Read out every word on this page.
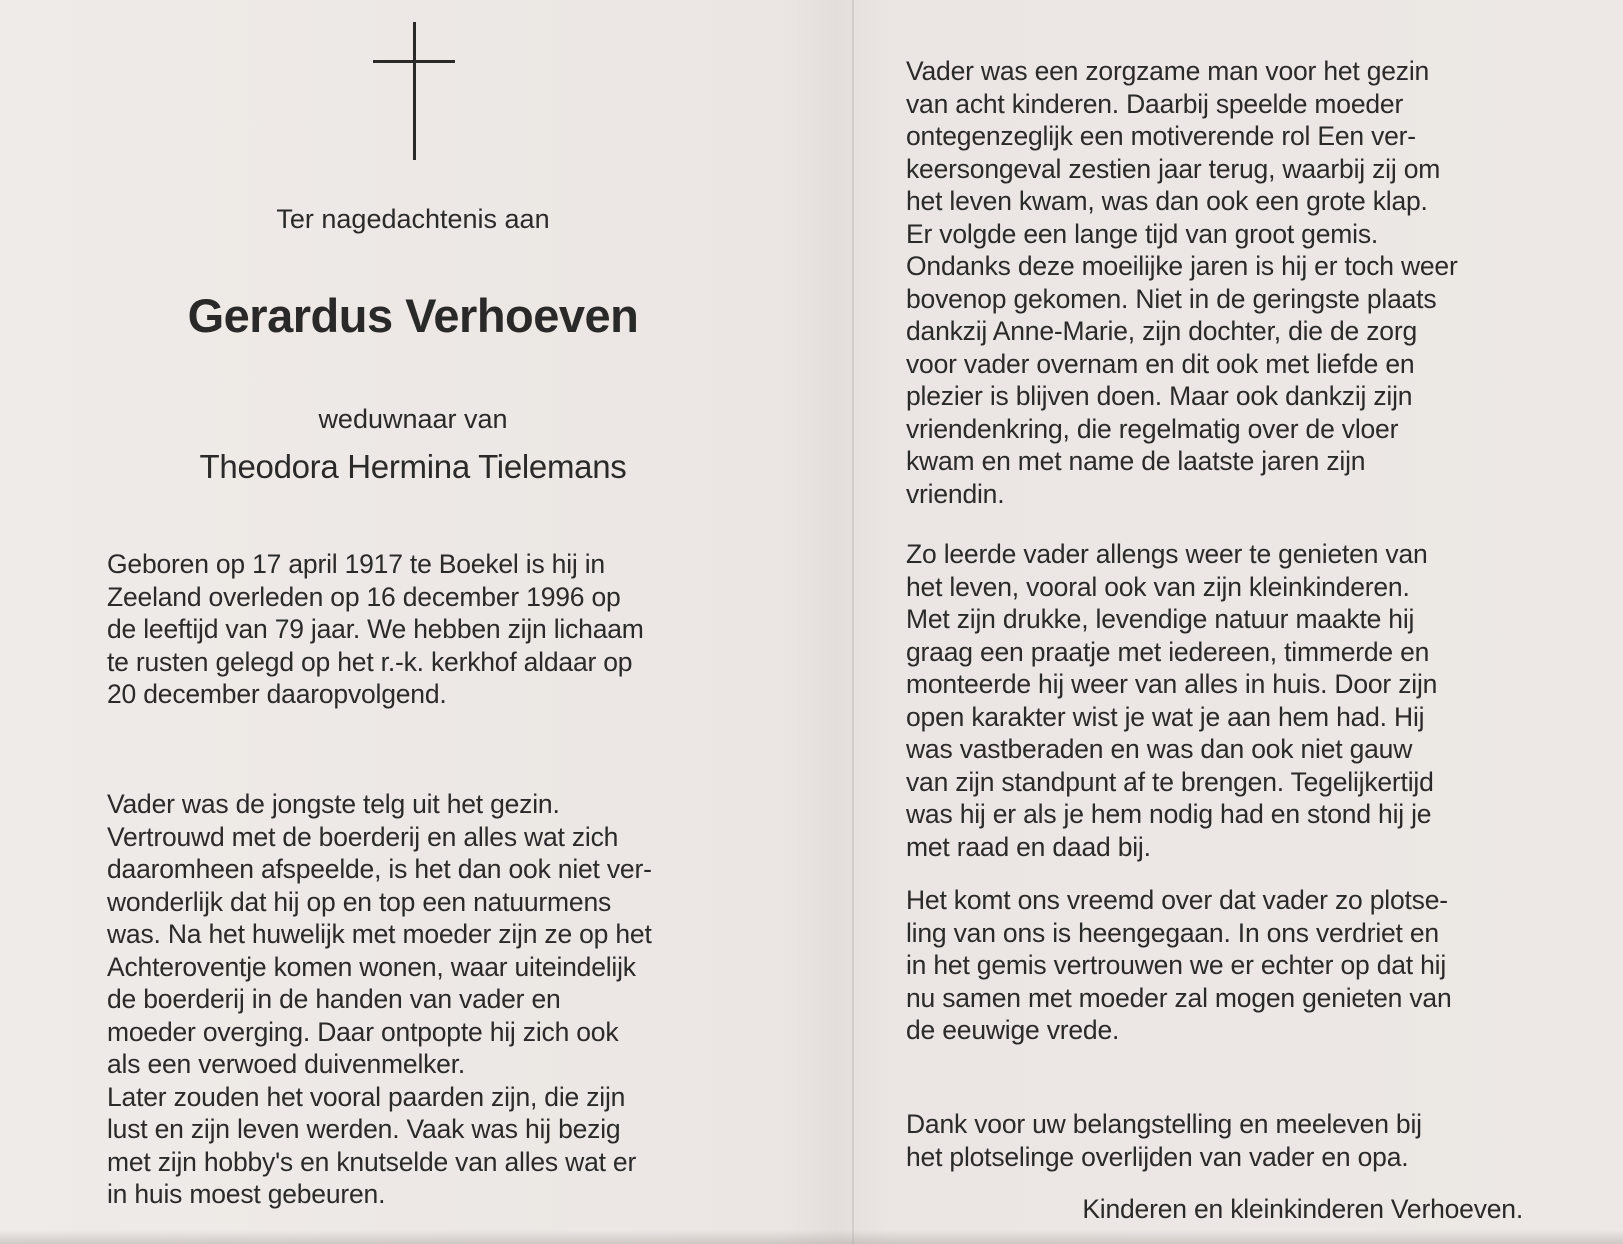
Ter nagedachtenis aan
Gerardus Verhoeven
weduwnaar van
Theodora Hermina Tielemans
Geboren op 17 april 1917 te Boekel is hij in
Zeeland overleden op 16 december 1996 op
de leeftijd van 79 jaar. We hebben zijn lichaam
te rusten gelegd op het r.-k. kerkhof aldaar op
20 december daaropvolgend.
Vader was de jongste telg uit het gezin.
Vertrouwd met de boerderij en alles wat zich
daaromheen afspeelde, is het dan ook niet ver-
wonderlijk dat hij op en top een natuurmens
was. Na het huwelijk met moeder zijn ze op het
Achteroventje komen wonen, waar uiteindelijk
de boerderij in de handen van vader en
moeder overging. Daar ontpopte hij zich ook
als een verwoed duivenmelker.
Later zouden het vooral paarden zijn, die zijn
lust en zijn leven werden. Vaak was hij bezig
met zijn hobby's en knutselde van alles wat er
in huis moest gebeuren.
Vader was een zorgzame man voor het gezin
van acht kinderen. Daarbij speelde moeder
ontegenzeglijk een motiverende rol Een ver-
keersongeval zestien jaar terug, waarbij zij om
het leven kwam, was dan ook een grote klap.
Er volgde een lange tijd van groot gemis.
Ondanks deze moeilijke jaren is hij er toch weer
bovenop gekomen. Niet in de geringste plaats
dankzij Anne-Marie, zijn dochter, die de zorg
voor vader overnam en dit ook met liefde en
plezier is blijven doen. Maar ook dankzij zijn
vriendenkring, die regelmatig over de vloer
kwam en met name de laatste jaren zijn
vriendin.
Zo leerde vader allengs weer te genieten van
het leven, vooral ook van zijn kleinkinderen.
Met zijn drukke, levendige natuur maakte hij
graag een praatje met iedereen, timmerde en
monteerde hij weer van alles in huis. Door zijn
open karakter wist je wat je aan hem had. Hij
was vastberaden en was dan ook niet gauw
van zijn standpunt af te brengen. Tegelijkertijd
was hij er als je hem nodig had en stond hij je
met raad en daad bij.
Het komt ons vreemd over dat vader zo plotse-
ling van ons is heengegaan. In ons verdriet en
in het gemis vertrouwen we er echter op dat hij
nu samen met moeder zal mogen genieten van
de eeuwige vrede.
Dank voor uw belangstelling en meeleven bij
het plotselinge overlijden van vader en opa.
Kinderen en kleinkinderen Verhoeven.
